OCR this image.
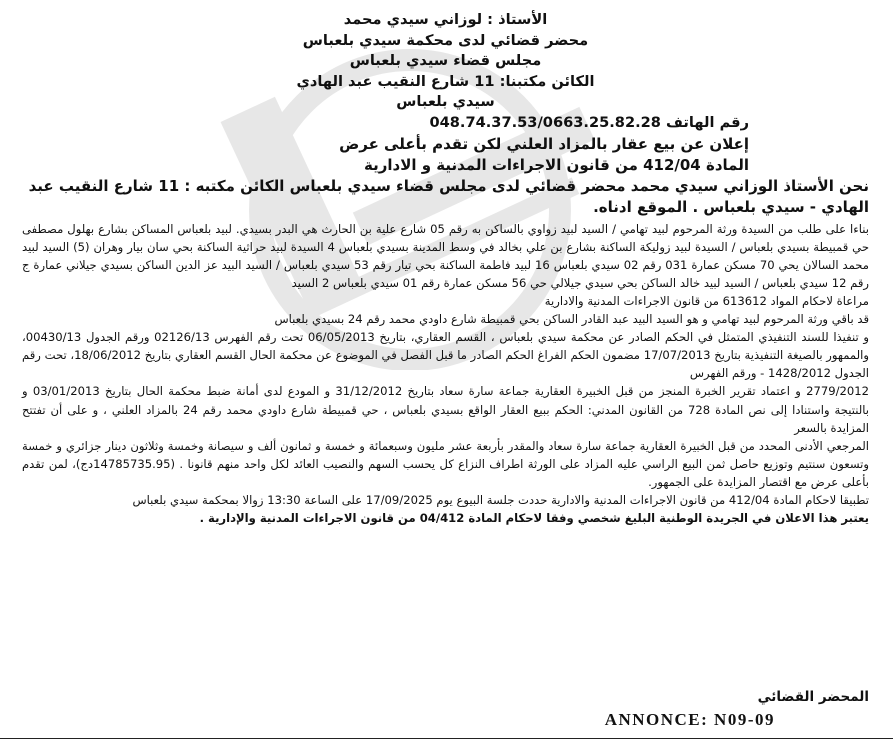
الأستاذ : لوزاني سيدي محمد
محضر قضائي لدى محكمة سيدي بلعباس
مجلس قضاء سيدي بلعباس
الكائن مكتبنا: 11 شارع النقيب عبد الهادي
سيدي بلعباس
رقم الهاتف 048.74.37.53/0663.25.82.28
إعلان عن بيع عقار بالمزاد العلني لكن تقدم بأعلى عرض
المادة 412/04 من قانون الاجراءات المدنية و الادارية
نحن الأستاذ الوزاني سيدي محمد محضر قضائي لدى مجلس قضاء سيدي بلعباس الكائن مكتبه : 11 شارع النقيب عبد الهادي - سيدي بلعباس . الموقع ادناه.

بناءا على طلب من السيدة ورثة المرحوم لبيد تهامي / السيد لبيد زواوي بالساكن به رقم 05 شارع علية بن الحارث هي البدر بسيدي. لبيد بلعباس المساكن بشارع بهلول مصطفى حي قمبيطة بسيدي بلعباس / السيدة لبيد زوليكة الساكنة بشارع بن علي بخالد في وسط المدينة بسيدي بلعباس 4 السيدة لبيد حراثية الساكنة بحي سان بيار وهران (5) السيد لبيد محمد السالان يحي 70 مسكن عمارة 031 رقم 02 سيدي بلعباس 16 لبيد فاطمة الساكنة بحي تيار رقم 53 سيدي بلعباس / السيد البيد عز الدين الساكن بسيدي جيلاني عمارة ج رقم 12 سيدي بلعباس / السيد لبيد خالد الساكن بحي سيدي جيلالي حي 56 مسكن عمارة رقم 01 سيدي بلعباس 2 السيد

مراعاة لاحكام المواد 613612 من قانون الاجراءات المدنية والادارية

قد باقي ورثة المرحوم لبيد تهامي و هو السيد البيد عبد القادر الساكن بحي قمبيطة شارع داودي محمد رقم 24 بسيدي بلعباس

و تنفيذا للسند التنفيذي المتمثل في الحكم الصادر عن محكمة سيدي بلعباس ، القسم العقاري، بتاريخ 06/05/2013 تحت رقم الفهرس 02126/13 ورقم الجدول 00430/13، والممهور بالصيغة التنفيذية بتاريخ 17/07/2013 مضمون الحكم الفراغ الحكم الصادر ما قبل الفصل في الموضوع عن محكمة الحال القسم العقاري بتاريخ 18/06/2012، تحت رقم الجدول 1428/2012 - ورقم الفهرس

2779/2012 و اعتماد تقرير الخبرة المنجز من قبل الخبيرة العقارية جماعة سارة سعاد بتاريخ 31/12/2012 و المودع لدى أمانة ضبط محكمة الحال بتاريخ 03/01/2013 و بالنتيجة واستنادا إلى نص المادة 728 من القانون المدني: الحكم ببيع العقار الواقع بسيدي بلعباس ، حي قمبيطة شارع داودي محمد رقم 24 بالمزاد العلني ، و على أن تفتتح المزايدة بالسعر

المرجعي الأدنى المحدد من قبل الخبيرة العقارية جماعة سارة سعاد والمقدر بأربعة عشر مليون وسبعمائة و خمسة و ثمانون ألف و سيصانة وخمسة وثلاثون دينار جزائري و خمسة وتسعون سنتيم وتوزيع حاصل ثمن البيع الراسي عليه المزاد على الورثة اطراف النزاع كل يحسب السهم والنصيب العائد لكل واحد منهم قانونا . (14785735.95دج)، لمن تقدم بأعلى عرض مع اقتصار المزايدة على الجمهور.

تطبيقا لاحكام المادة 412/04 من قانون الاجراءات المدنية والادارية حددت جلسة البيوع يوم 17/09/2025 على الساعة 13:30 زوالا بمحكمة سيدي بلعباس

يعتبر هذا الاعلان في الجريدة الوطنية البليغ شخصي وفقا لاحكام المادة 04/412 من قانون الاجراءات المدنية والإدارية .

المحضر القضائي
ANNONCE: N09-09
